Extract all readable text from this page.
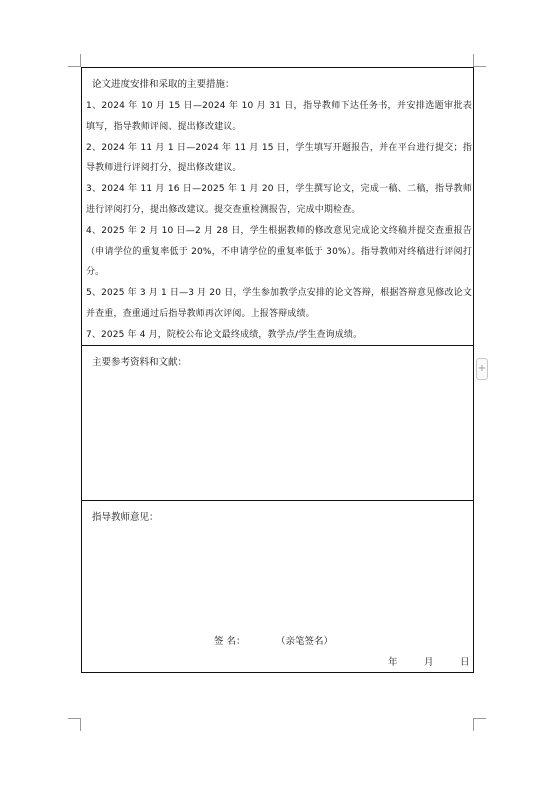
论文进度安排和采取的主要措施：
1、2024 年 10 月 15 日—2024 年 10 月 31 日，指导教师下达任务书，并安排选题审批表填写，指导教师评阅、提出修改建议。
2、2024 年 11 月 1 日—2024 年 11 月 15 日，学生填写开题报告，并在平台进行提交；指导教师进行评阅打分，提出修改建议。
3、2024 年 11 月 16 日—2025 年 1 月 20 日，学生撰写论文，完成一稿、二稿，指导教师进行评阅打分，提出修改建议。提交查重检测报告，完成中期检查。
4、2025 年 2 月 10 日—2 月 28 日，学生根据教师的修改意见完成论文终稿并提交查重报告（申请学位的重复率低于 20%，不申请学位的重复率低于 30%）。指导教师对终稿进行评阅打分。
5、2025 年 3 月 1 日—3 月 20 日，学生参加教学点安排的论文答辩，根据答辩意见修改论文并查重，查重通过后指导教师再次评阅。上报答辩成绩。
7、2025 年 4 月，院校公布论文最终成绩，教学点/学生查询成绩。
主要参考资料和文献：
指导教师意见：
签 名：	（亲笔签名）
年	月	日
+
